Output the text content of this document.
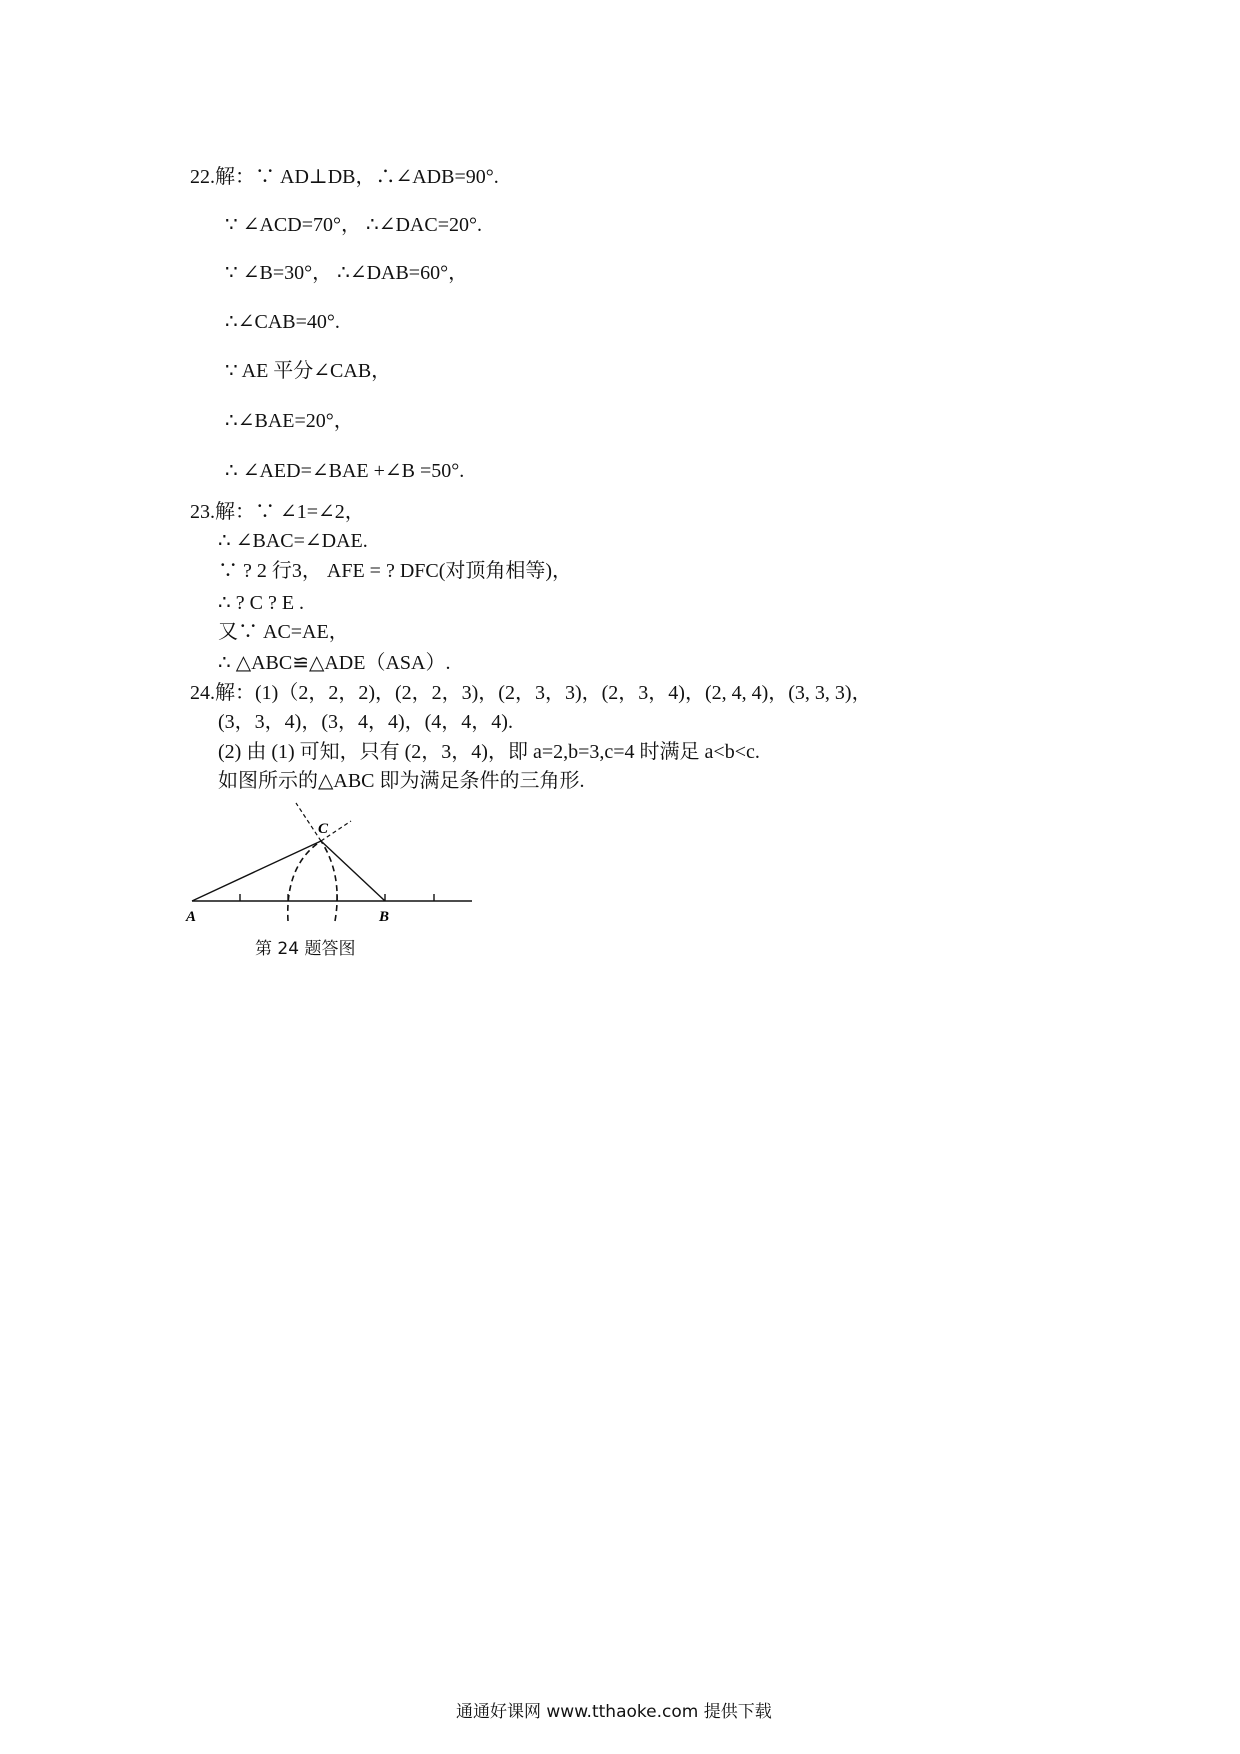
22.解：∵ AD⊥DB，∴∠ADB=90°.
∵ ∠ACD=70°， ∴∠DAC=20°.
∵ ∠B=30°， ∴∠DAB=60°，
∴∠CAB=40°.
∵ AE 平分∠CAB，
∴∠BAE=20°，
∴ ∠AED=∠BAE +∠B =50°.
23.解：∵ ∠1=∠2，
∴ ∠BAC=∠DAE.
∵ ? 2 行3， AFE = ? DFC(对顶角相等)，
∴ ? C ? E .
又∵ AC=AE，
∴ △ABC≌△ADE（ASA）.
24.解：(1)（2，2，2)，(2，2，3)，(2，3，3)，(2，3，4)，(2, 4, 4)，(3, 3, 3)，
(3，3，4)，(3，4，4)，(4，4，4).
(2) 由 (1) 可知，只有 (2，3，4)，即 a=2,b=3,c=4 时满足 a<b<c.
如图所示的△ABC 即为满足条件的三角形.
A	B
C
第 24 题答图
通通好课网 www.tthaoke.com 提供下载
